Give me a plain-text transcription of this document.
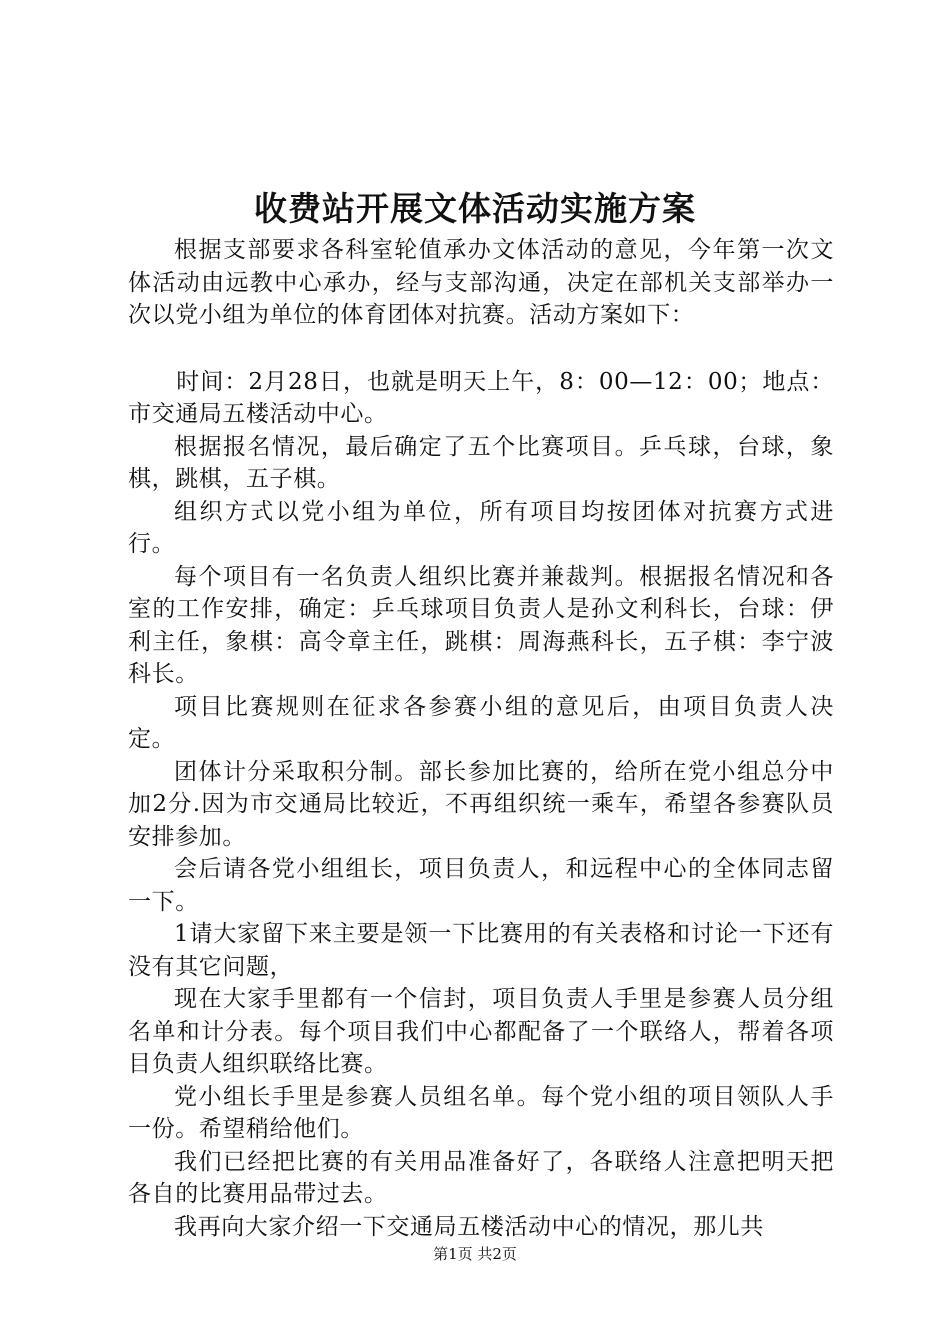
收费站开展文体活动实施方案

根据支部要求各科室轮值承办文体活动的意见，今年第一次文体活动由远教中心承办，经与支部沟通，决定在部机关支部举办一次以党小组为单位的体育团体对抗赛。活动方案如下：

时间：2月28日，也就是明天上午，8：00—12：00；地点：市交通局五楼活动中心。

根据报名情况，最后确定了五个比赛项目。乒乓球，台球，象棋，跳棋，五子棋。

组织方式以党小组为单位，所有项目均按团体对抗赛方式进行。

每个项目有一名负责人组织比赛并兼裁判。根据报名情况和各室的工作安排，确定：乒乓球项目负责人是孙文利科长，台球：伊利主任，象棋：高令章主任，跳棋：周海燕科长，五子棋：李宁波科长。

项目比赛规则在征求各参赛小组的意见后，由项目负责人决定。

团体计分采取积分制。部长参加比赛的，给所在党小组总分中加2分.因为市交通局比较近，不再组织统一乘车，希望各参赛队员安排参加。

会后请各党小组组长，项目负责人，和远程中心的全体同志留一下。

1请大家留下来主要是领一下比赛用的有关表格和讨论一下还有没有其它问题，

现在大家手里都有一个信封，项目负责人手里是参赛人员分组名单和计分表。每个项目我们中心都配备了一个联络人，帮着各项目负责人组织联络比赛。

党小组长手里是参赛人员组名单。每个党小组的项目领队人手一份。希望稍给他们。

我们已经把比赛的有关用品准备好了，各联络人注意把明天把各自的比赛用品带过去。

我再向大家介绍一下交通局五楼活动中心的情况，那儿共

第1页 共2页
